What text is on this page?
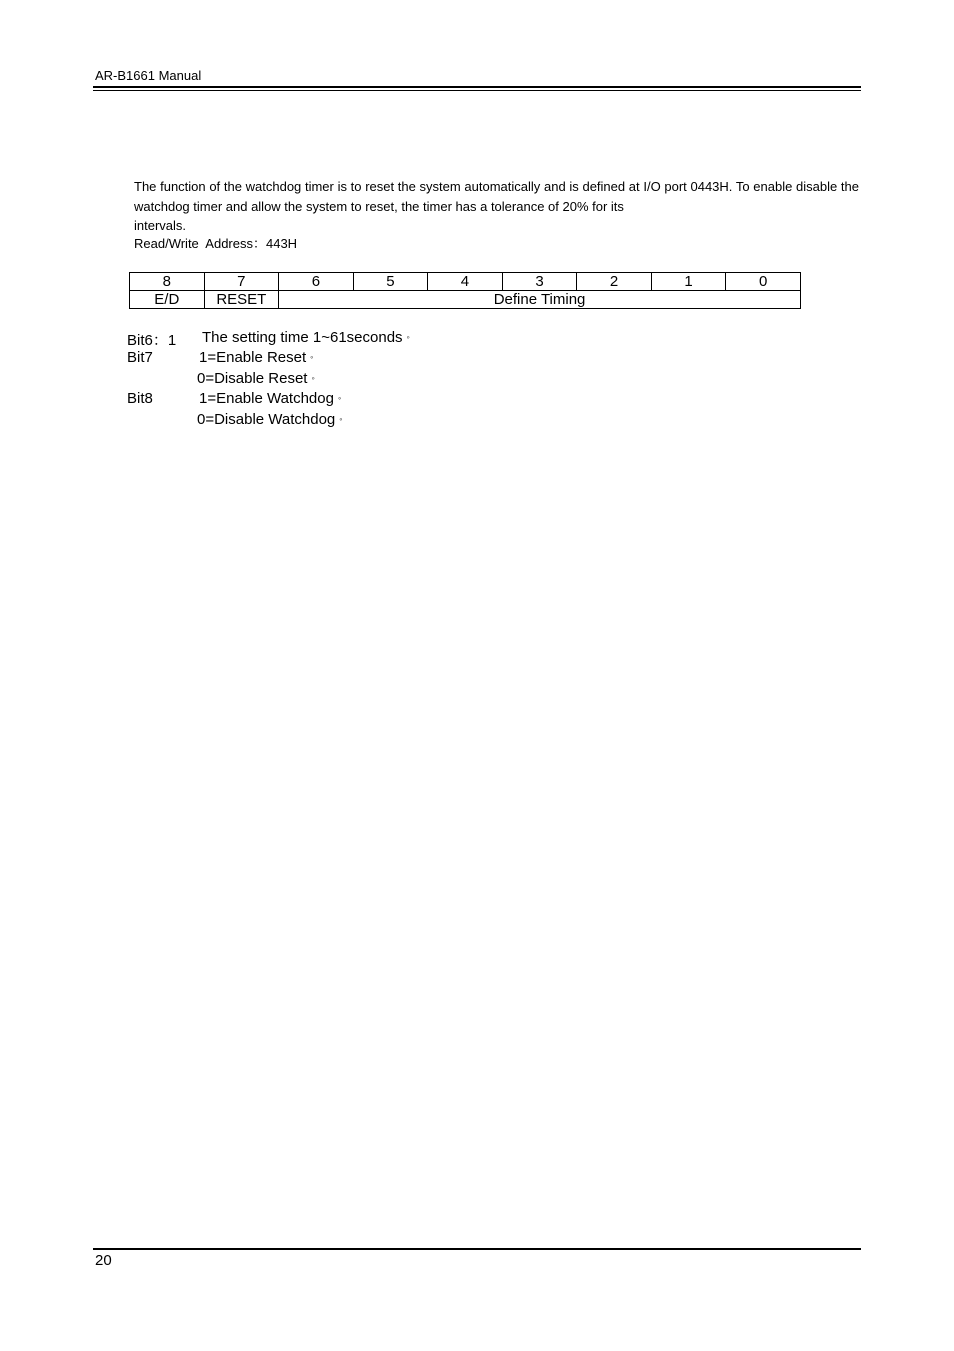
AR-B1661 Manual
The function of the watchdog timer is to reset the system automatically and is defined at I/O port 0443H. To enable disable the watchdog timer and allow the system to reset, the timer has a tolerance of 20% for its
intervals.
Read/Write  Address：443H
8	7	6	5	4	3	2	1	0
E/D	RESET	Define Timing						
Bit6：1 The setting time 1~61seconds ◦
Bit7	1=Enable Reset ◦
0=Disable Reset ◦
Bit8	1=Enable Watchdog ◦
0=Disable Watchdog ◦
20
